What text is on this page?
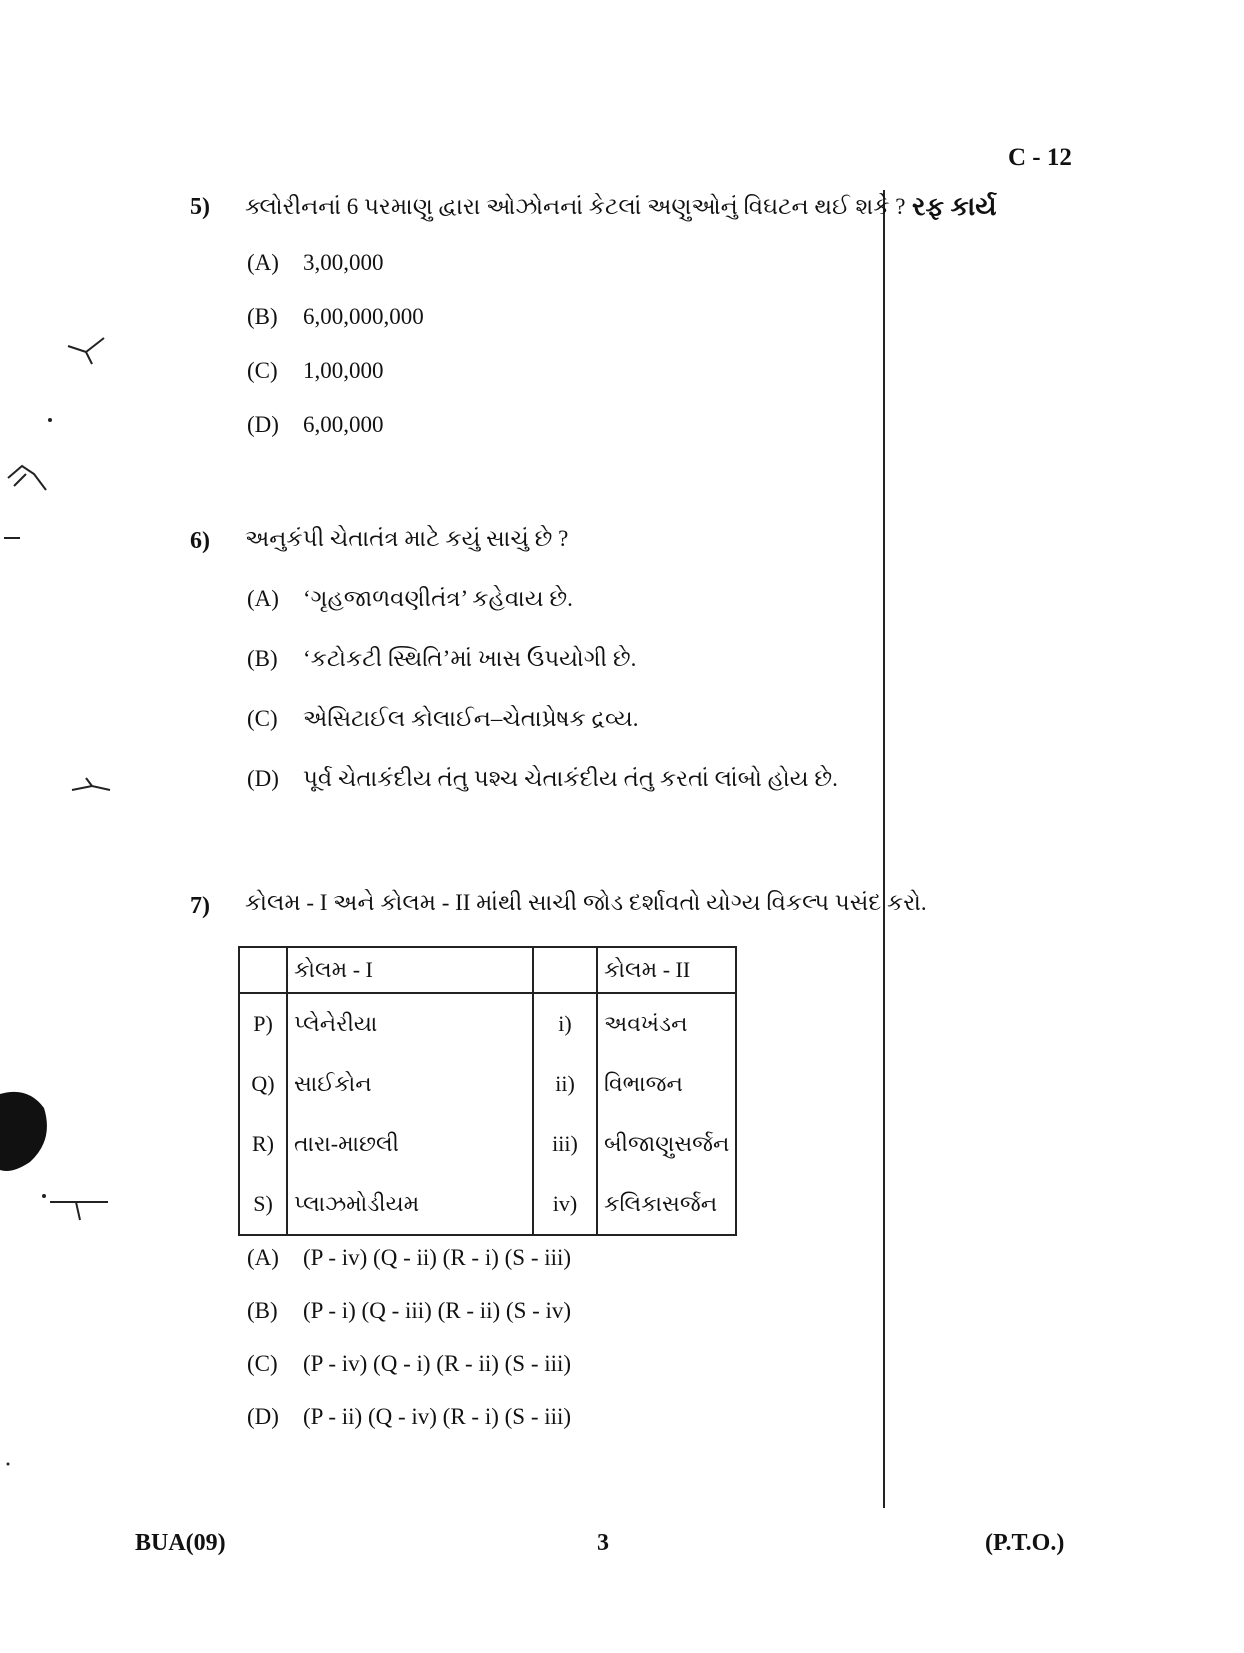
C - 12
રફ કાર્ય
5) ક્લોરીનનાં 6 પરમાણુ દ્વારા ઓઝોનનાં કેટલાં અણુઓનું વિઘટન થઈ શકે ?
(A) 3,00,000
(B) 6,00,000,000
(C) 1,00,000
(D) 6,00,000
6) અનુકંપી ચેતાતંત્ર માટે કયું સાચું છે ?
(A) ‘ગૃહજાળવણીતંત્ર’ કહેવાય છે.
(B) ‘કટોકટી સ્થિતિ’માં ખાસ ઉપયોગી છે.
(C) એસિટાઈલ કોલાઈન–ચેતાપ્રેષક દ્રવ્ય.
(D) પૂર્વ ચેતાકંદીય તંતુ પશ્ચ ચેતાકંદીય તંતુ કરતાં લાંબો હોય છે.
7) કોલમ - I અને કોલમ - II માંથી સાચી જોડ દર્શાવતો યોગ્ય વિકલ્પ પસંદ કરો.
	કોલમ - I		કોલમ - II
P)	પ્લેનેરીયા	i)	અવખંડન
Q)	સાઈકોન	ii)	વિભાજન
R)	તારા-માછલી	iii)	બીજાણુસર્જન
S)	પ્લાઝમોડીયમ	iv)	કલિકાસર્જન
(A) (P - iv) (Q - ii) (R - i) (S - iii)
(B) (P - i) (Q - iii) (R - ii) (S - iv)
(C) (P - iv) (Q - i) (R - ii) (S - iii)
(D) (P - ii) (Q - iv) (R - i) (S - iii)
BUA(09)	3	(P.T.O.)
